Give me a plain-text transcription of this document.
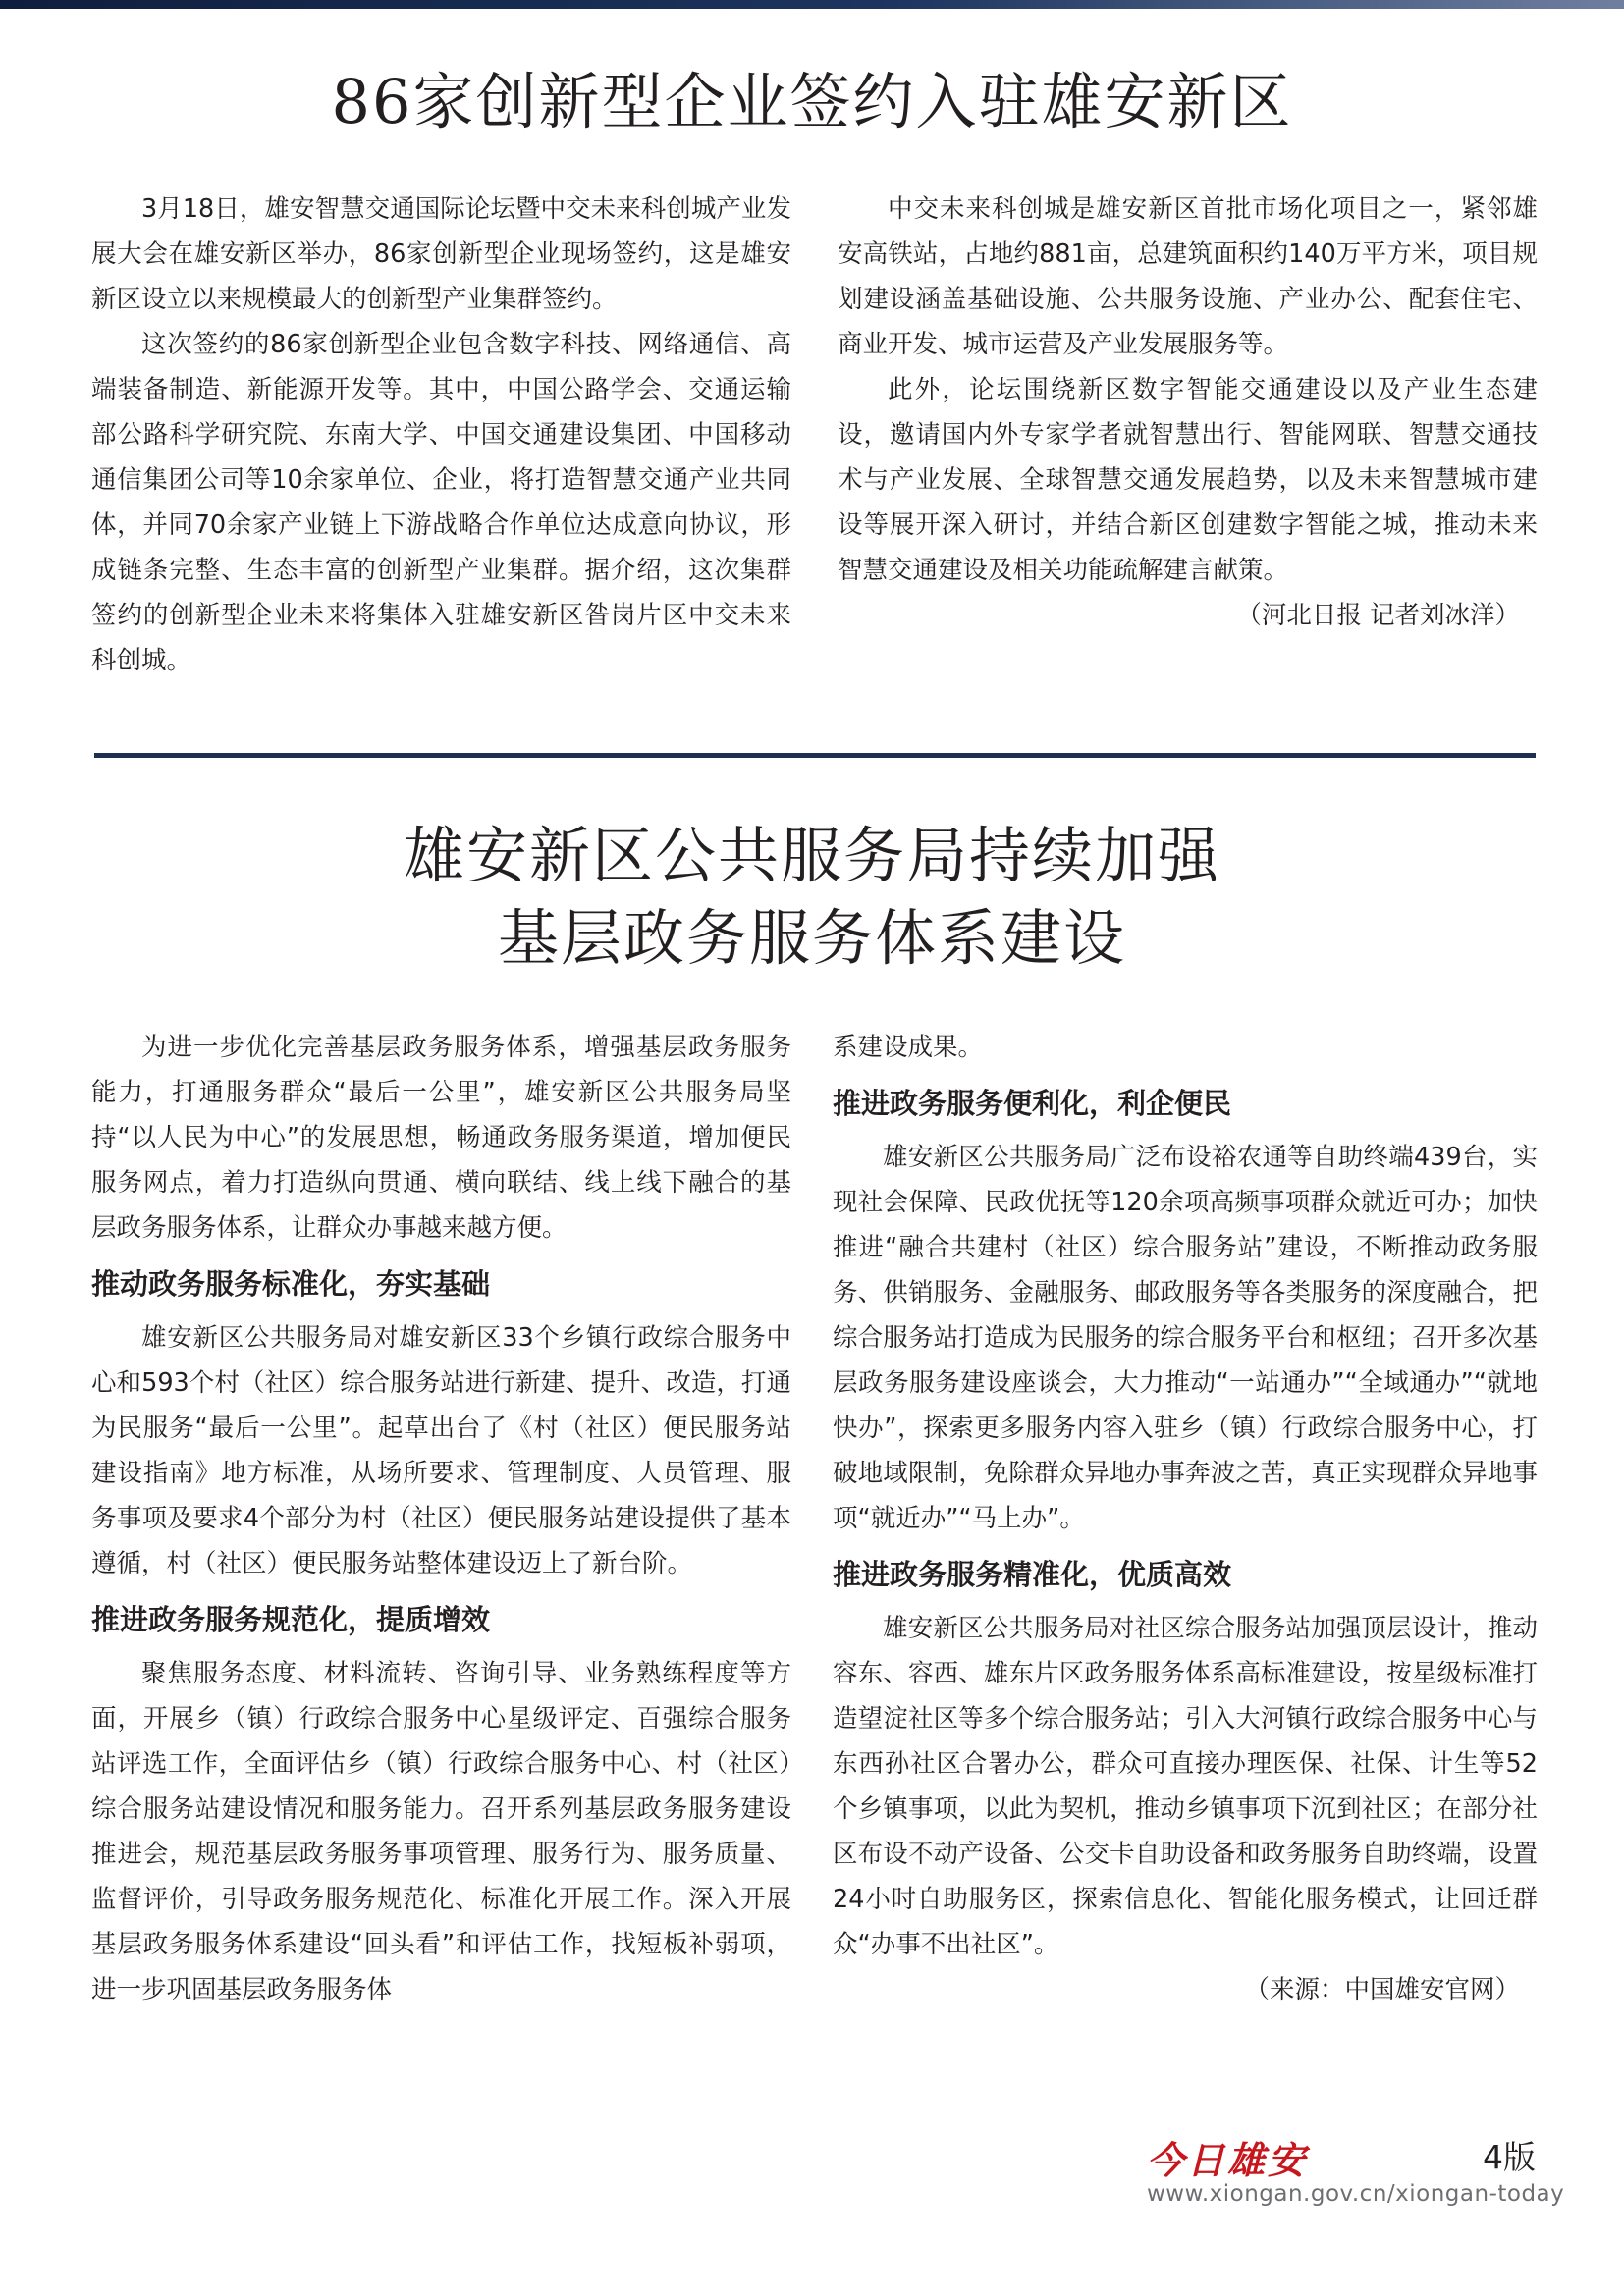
86家创新型企业签约入驻雄安新区

3月18日，雄安智慧交通国际论坛暨中交未来科创城产业发展大会在雄安新区举办，86家创新型企业现场签约，这是雄安新区设立以来规模最大的创新型产业集群签约。

这次签约的86家创新型企业包含数字科技、网络通信、高端装备制造、新能源开发等。其中，中国公路学会、交通运输部公路科学研究院、东南大学、中国交通建设集团、中国移动通信集团公司等10余家单位、企业，将打造智慧交通产业共同体，并同70余家产业链上下游战略合作单位达成意向协议，形成链条完整、生态丰富的创新型产业集群。据介绍，这次集群签约的创新型企业未来将集体入驻雄安新区昝岗片区中交未来科创城。

中交未来科创城是雄安新区首批市场化项目之一，紧邻雄安高铁站，占地约881亩，总建筑面积约140万平方米，项目规划建设涵盖基础设施、公共服务设施、产业办公、配套住宅、商业开发、城市运营及产业发展服务等。

此外，论坛围绕新区数字智能交通建设以及产业生态建设，邀请国内外专家学者就智慧出行、智能网联、智慧交通技术与产业发展、全球智慧交通发展趋势，以及未来智慧城市建设等展开深入研讨，并结合新区创建数字智能之城，推动未来智慧交通建设及相关功能疏解建言献策。

（河北日报 记者刘冰洋）

雄安新区公共服务局持续加强
基层政务服务体系建设

为进一步优化完善基层政务服务体系，增强基层政务服务能力，打通服务群众“最后一公里”，雄安新区公共服务局坚持“以人民为中心”的发展思想，畅通政务服务渠道，增加便民服务网点，着力打造纵向贯通、横向联结、线上线下融合的基层政务服务体系，让群众办事越来越方便。

推动政务服务标准化，夯实基础

雄安新区公共服务局对雄安新区33个乡镇行政综合服务中心和593个村（社区）综合服务站进行新建、提升、改造，打通为民服务“最后一公里”。起草出台了《村（社区）便民服务站建设指南》地方标准，从场所要求、管理制度、人员管理、服务事项及要求4个部分为村（社区）便民服务站建设提供了基本遵循，村（社区）便民服务站整体建设迈上了新台阶。

推进政务服务规范化，提质增效

聚焦服务态度、材料流转、咨询引导、业务熟练程度等方面，开展乡（镇）行政综合服务中心星级评定、百强综合服务站评选工作，全面评估乡（镇）行政综合服务中心、村（社区）综合服务站建设情况和服务能力。召开系列基层政务服务建设推进会，规范基层政务服务事项管理、服务行为、服务质量、监督评价，引导政务服务规范化、标准化开展工作。深入开展基层政务服务体系建设“回头看”和评估工作，找短板补弱项，进一步巩固基层政务服务体

系建设成果。

推进政务服务便利化，利企便民

雄安新区公共服务局广泛布设裕农通等自助终端439台，实现社会保障、民政优抚等120余项高频事项群众就近可办；加快推进“融合共建村（社区）综合服务站”建设，不断推动政务服务、供销服务、金融服务、邮政服务等各类服务的深度融合，把综合服务站打造成为民服务的综合服务平台和枢纽；召开多次基层政务服务建设座谈会，大力推动“一站通办”“全域通办”“就地快办”，探索更多服务内容入驻乡（镇）行政综合服务中心，打破地域限制，免除群众异地办事奔波之苦，真正实现群众异地事项“就近办”“马上办”。

推进政务服务精准化，优质高效

雄安新区公共服务局对社区综合服务站加强顶层设计，推动容东、容西、雄东片区政务服务体系高标准建设，按星级标准打造望淀社区等多个综合服务站；引入大河镇行政综合服务中心与东西孙社区合署办公，群众可直接办理医保、社保、计生等52个乡镇事项，以此为契机，推动乡镇事项下沉到社区；在部分社区布设不动产设备、公交卡自助设备和政务服务自助终端，设置24小时自助服务区，探索信息化、智能化服务模式，让回迁群众“办事不出社区”。

（来源：中国雄安官网）

今日雄安	4版
www.xiongan.gov.cn/xiongan-today
